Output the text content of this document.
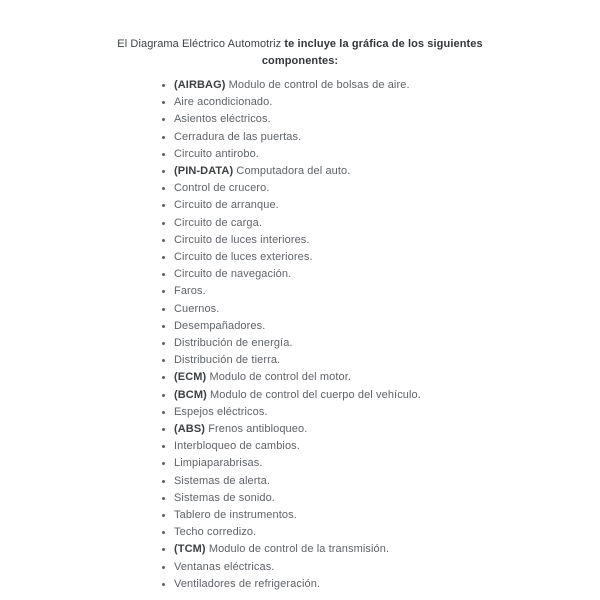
El Diagrama Eléctrico Automotriz te incluye la gráfica de los siguientes componentes:

• (AIRBAG) Modulo de control de bolsas de aire.
• Aire acondicionado.
• Asientos eléctricos.
• Cerradura de las puertas.
• Circuito antirobo.
• (PIN-DATA) Computadora del auto.
• Control de crucero.
• Circuito de arranque.
• Circuito de carga.
• Circuito de luces interiores.
• Circuito de luces exteriores.
• Circuito de navegación.
• Faros.
• Cuernos.
• Desempañadores.
• Distribución de energía.
• Distribución de tierra.
• (ECM) Modulo de control del motor.
• (BCM) Modulo de control del cuerpo del vehículo.
• Espejos eléctricos.
• (ABS) Frenos antibloqueo.
• Interbloqueo de cambios.
• Limpiaparabrisas.
• Sistemas de alerta.
• Sistemas de sonido.
• Tablero de instrumentos.
• Techo corredizo.
• (TCM) Modulo de control de la transmisión.
• Ventanas eléctricas.
• Ventiladores de refrigeración.
